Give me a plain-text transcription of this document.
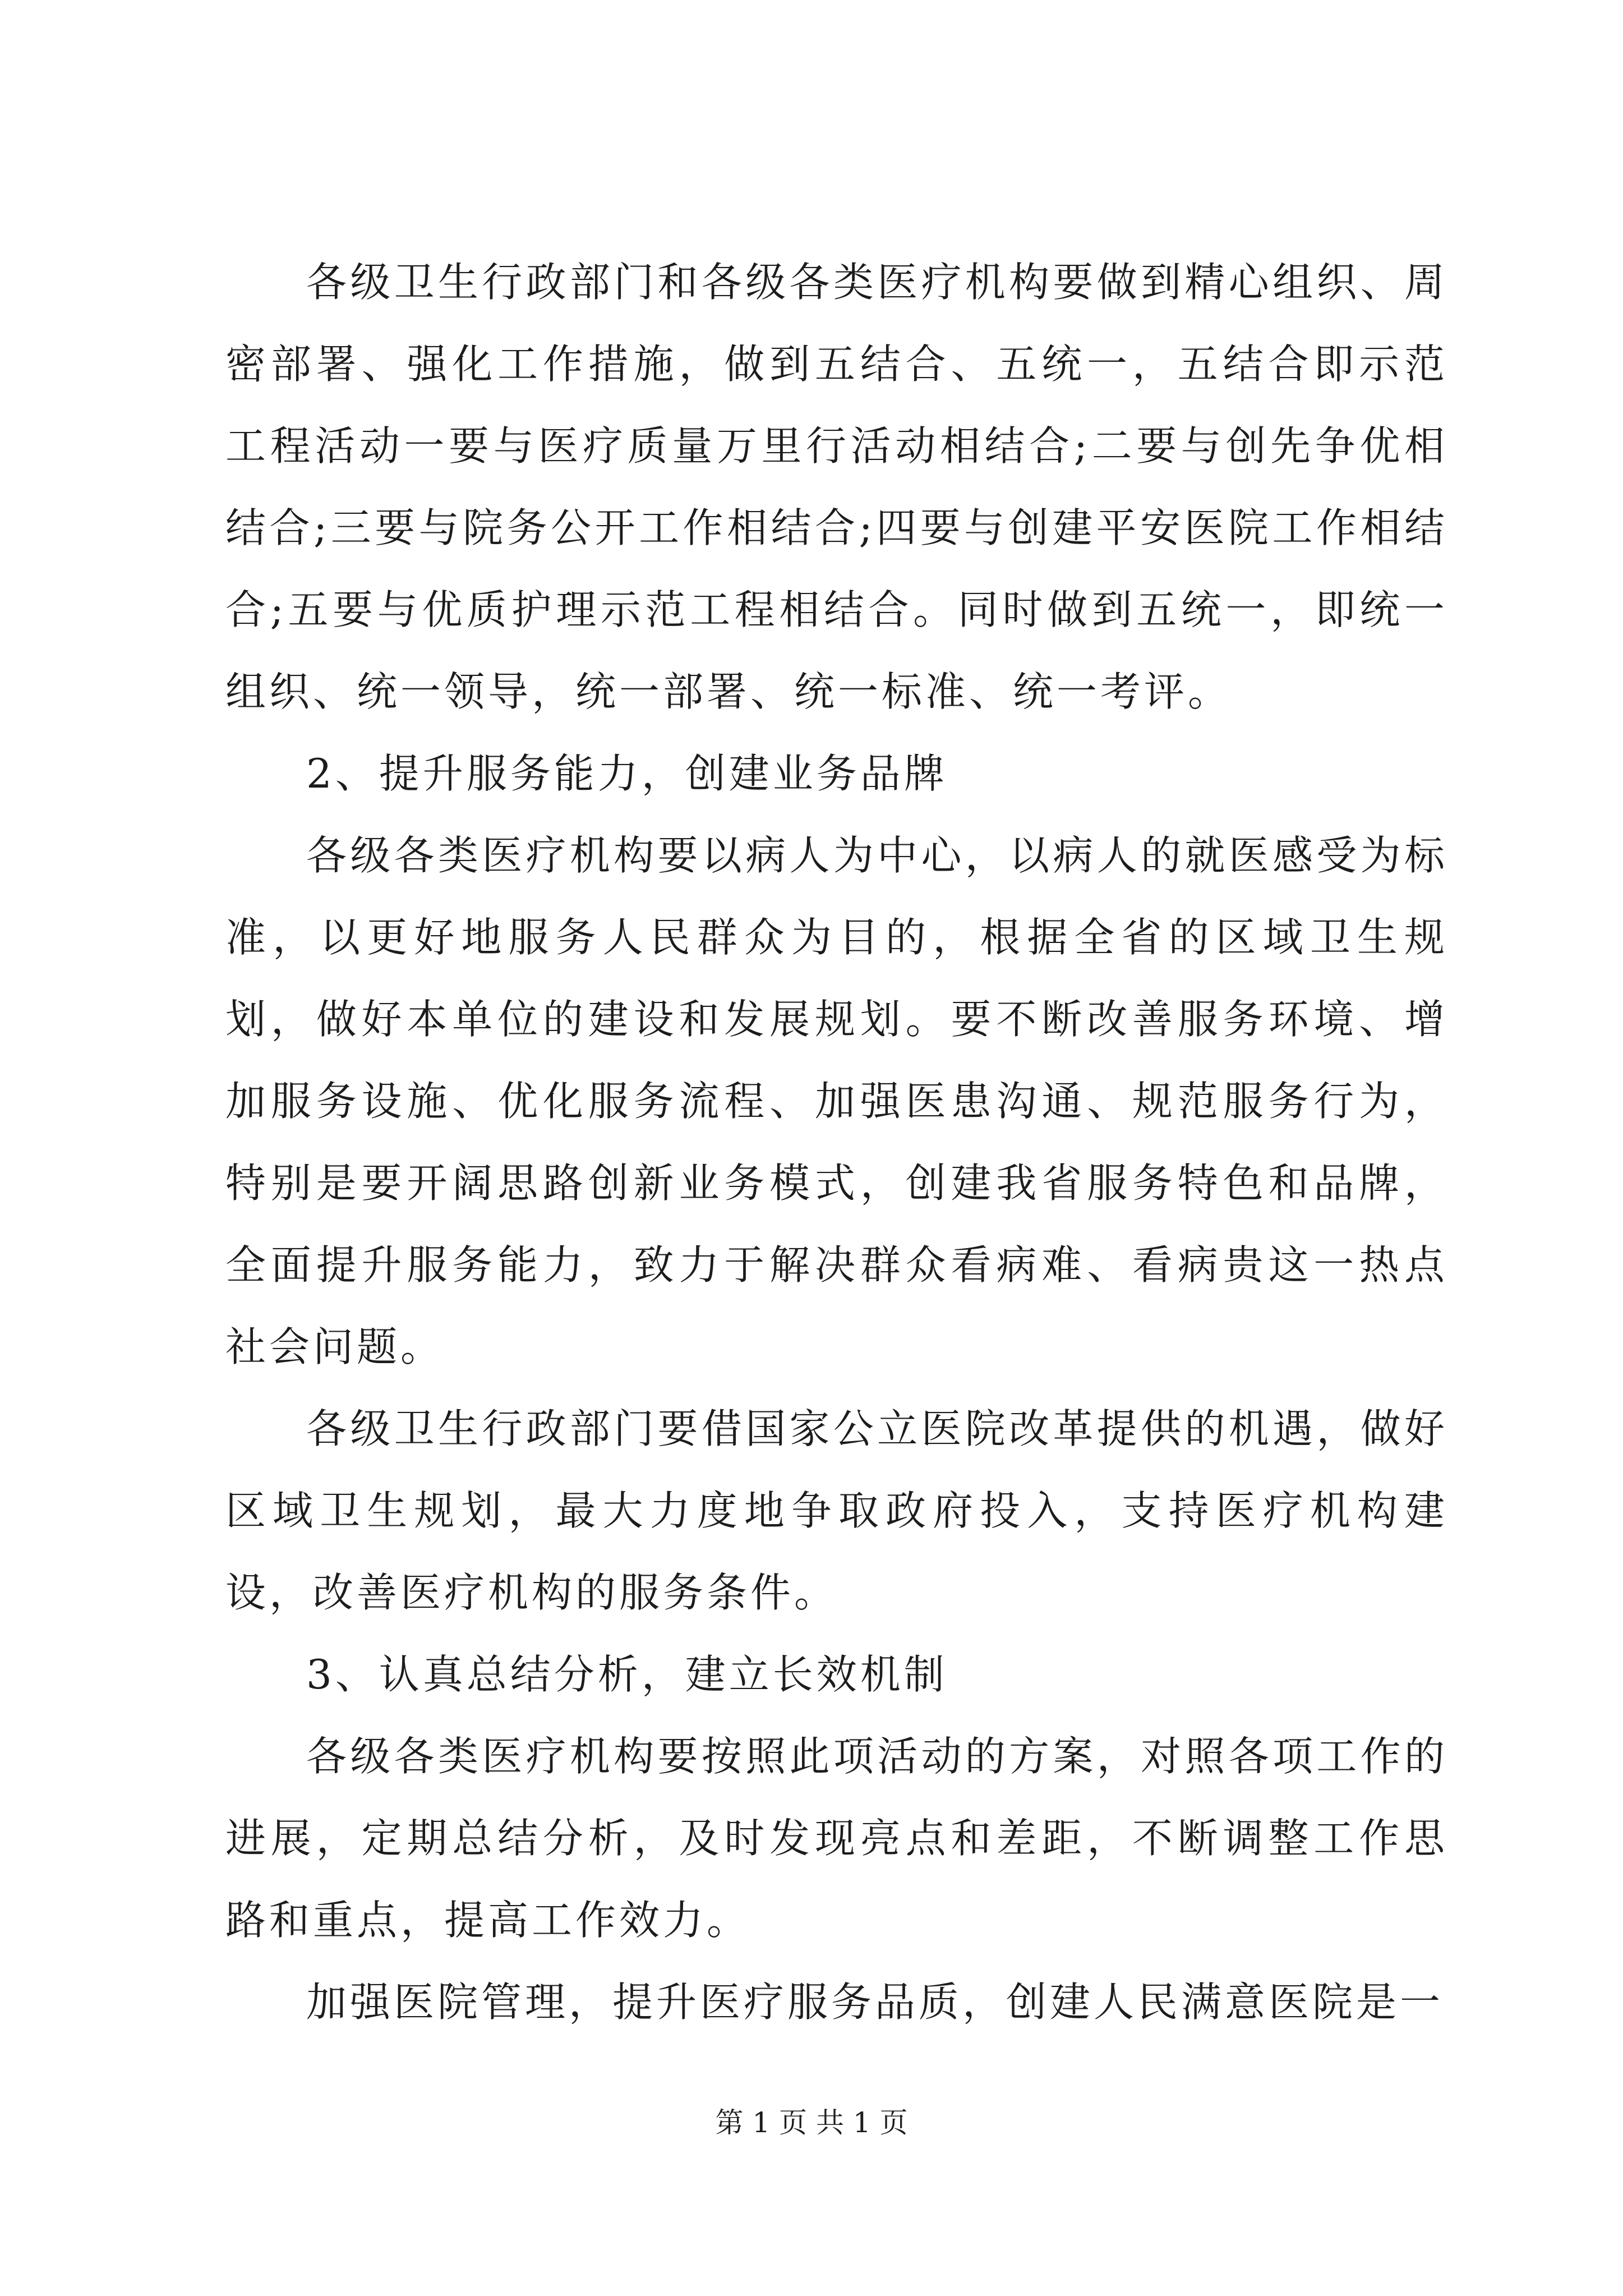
各级卫生行政部门和各级各类医疗机构要做到精心组织、周密部署、强化工作措施，做到五结合、五统一，五结合即示范工程活动一要与医疗质量万里行活动相结合;二要与创先争优相结合;三要与院务公开工作相结合;四要与创建平安医院工作相结合;五要与优质护理示范工程相结合。同时做到五统一，即统一组织、统一领导，统一部署、统一标准、统一考评。

2、提升服务能力，创建业务品牌

各级各类医疗机构要以病人为中心，以病人的就医感受为标准，以更好地服务人民群众为目的，根据全省的区域卫生规划，做好本单位的建设和发展规划。要不断改善服务环境、增加服务设施、优化服务流程、加强医患沟通、规范服务行为，特别是要开阔思路创新业务模式，创建我省服务特色和品牌，全面提升服务能力，致力于解决群众看病难、看病贵这一热点社会问题。

各级卫生行政部门要借国家公立医院改革提供的机遇，做好区域卫生规划，最大力度地争取政府投入，支持医疗机构建设，改善医疗机构的服务条件。

3、认真总结分析，建立长效机制

各级各类医疗机构要按照此项活动的方案，对照各项工作的进展，定期总结分析，及时发现亮点和差距，不断调整工作思路和重点，提高工作效力。

加强医院管理，提升医疗服务品质，创建人民满意医院是一

第 1 页 共 1 页
